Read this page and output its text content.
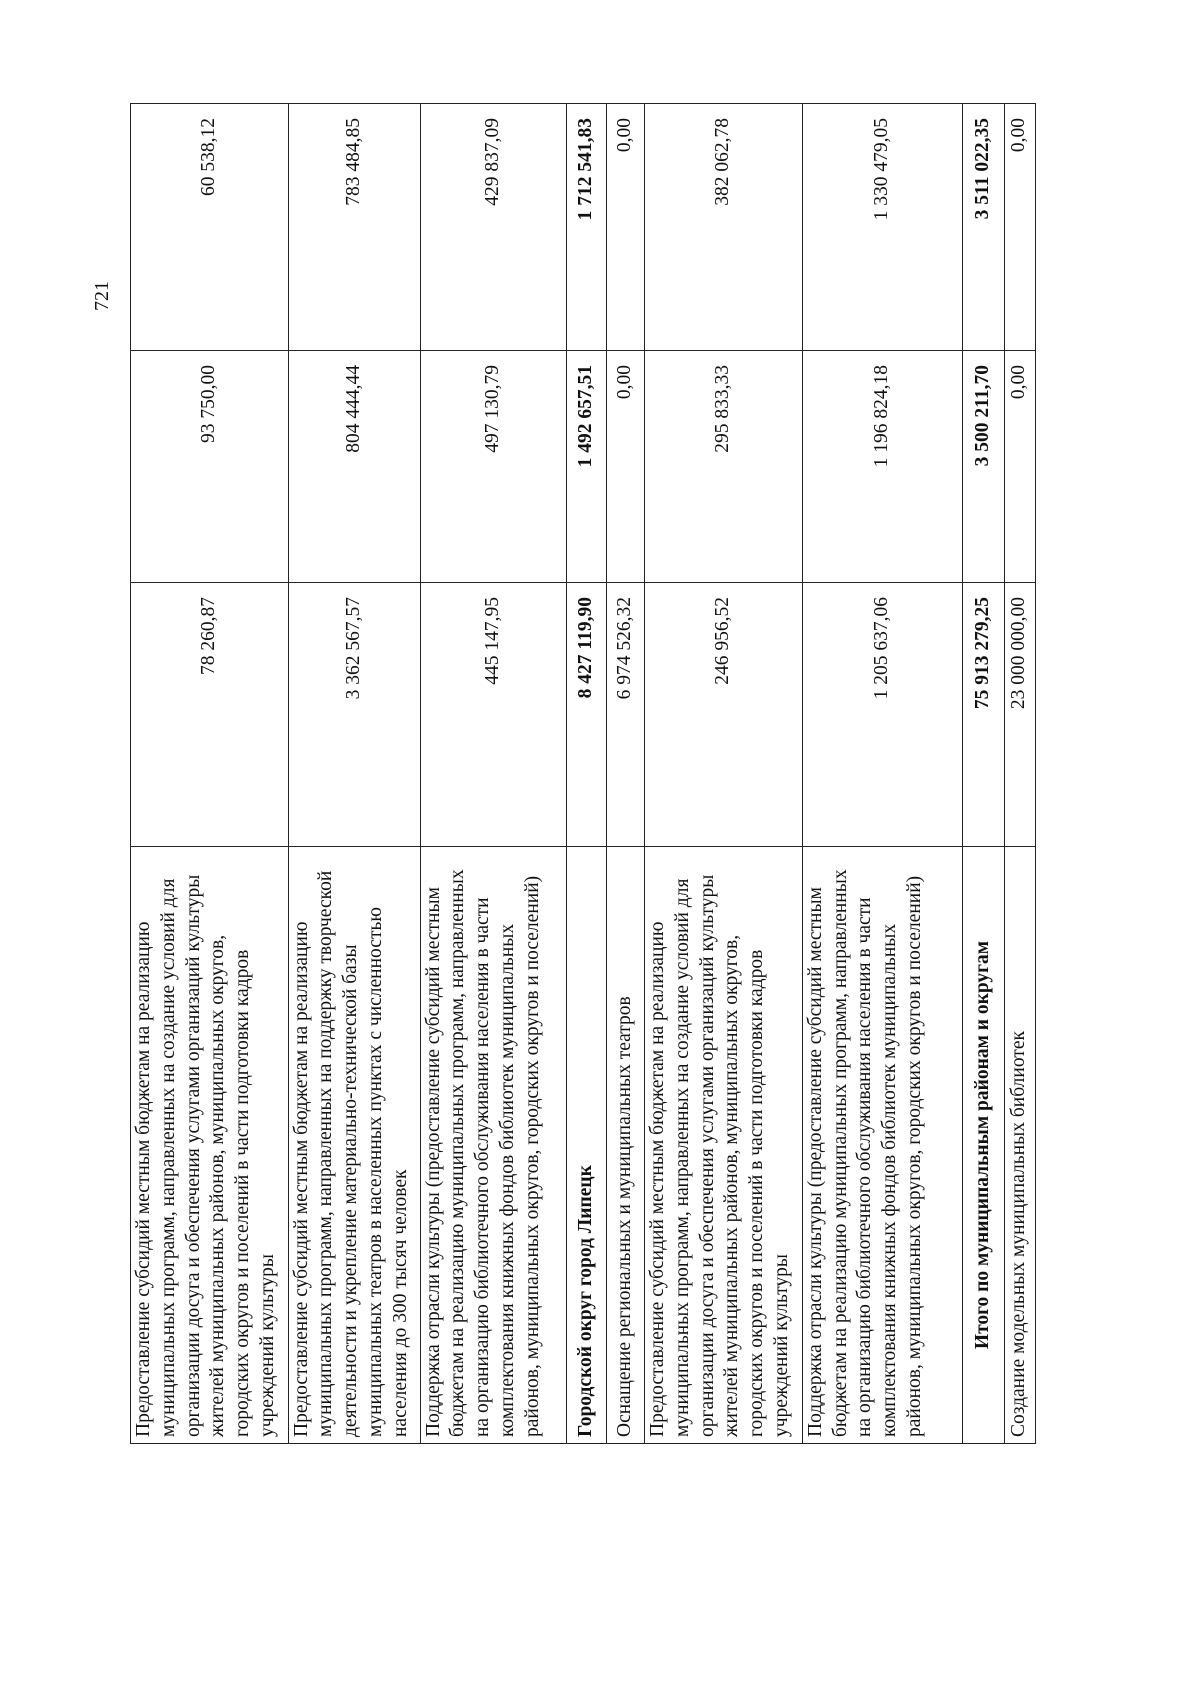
721
Предоставление субсидий местным бюджетам на реализацию муниципальных программ, направленных на создание условий для организации досуга и обеспечения услугами организаций культуры жителей муниципальных районов, муниципальных округов, городских округов и поселений в части подготовки кадров учреждений культуры	78 260,87	93 750,00	60 538,12
Предоставление субсидий местным бюджетам на реализацию муниципальных программ, направленных на поддержку творческой деятельности и укрепление материально-технической базы муниципальных театров в населенных пунктах с численностью населения до 300 тысяч человек	3 362 567,57	804 444,44	783 484,85
Поддержка отрасли культуры (предоставление субсидий местным бюджетам на реализацию муниципальных программ, направленных на организацию библиотечного обслуживания населения в части комплектования книжных фондов библиотек муниципальных районов, муниципальных округов, городских округов и поселений)	445 147,95	497 130,79	429 837,09
Городской округ город Липецк	8 427 119,90	1 492 657,51	1 712 541,83
Оснащение региональных и муниципальных театров	6 974 526,32	0,00	0,00
Предоставление субсидий местным бюджетам на реализацию муниципальных программ, направленных на создание условий для организации досуга и обеспечения услугами организаций культуры жителей муниципальных районов, муниципальных округов, городских округов и поселений в части подготовки кадров учреждений культуры	246 956,52	295 833,33	382 062,78
Поддержка отрасли культуры (предоставление субсидий местным бюджетам на реализацию муниципальных программ, направленных на организацию библиотечного обслуживания населения в части комплектования книжных фондов библиотек муниципальных районов, муниципальных округов, городских округов и поселений)	1 205 637,06	1 196 824,18	1 330 479,05
Итого по муниципальным районам и округам	75 913 279,25	3 500 211,70	3 511 022,35
Создание модельных муниципальных библиотек	23 000 000,00	0,00	0,00
